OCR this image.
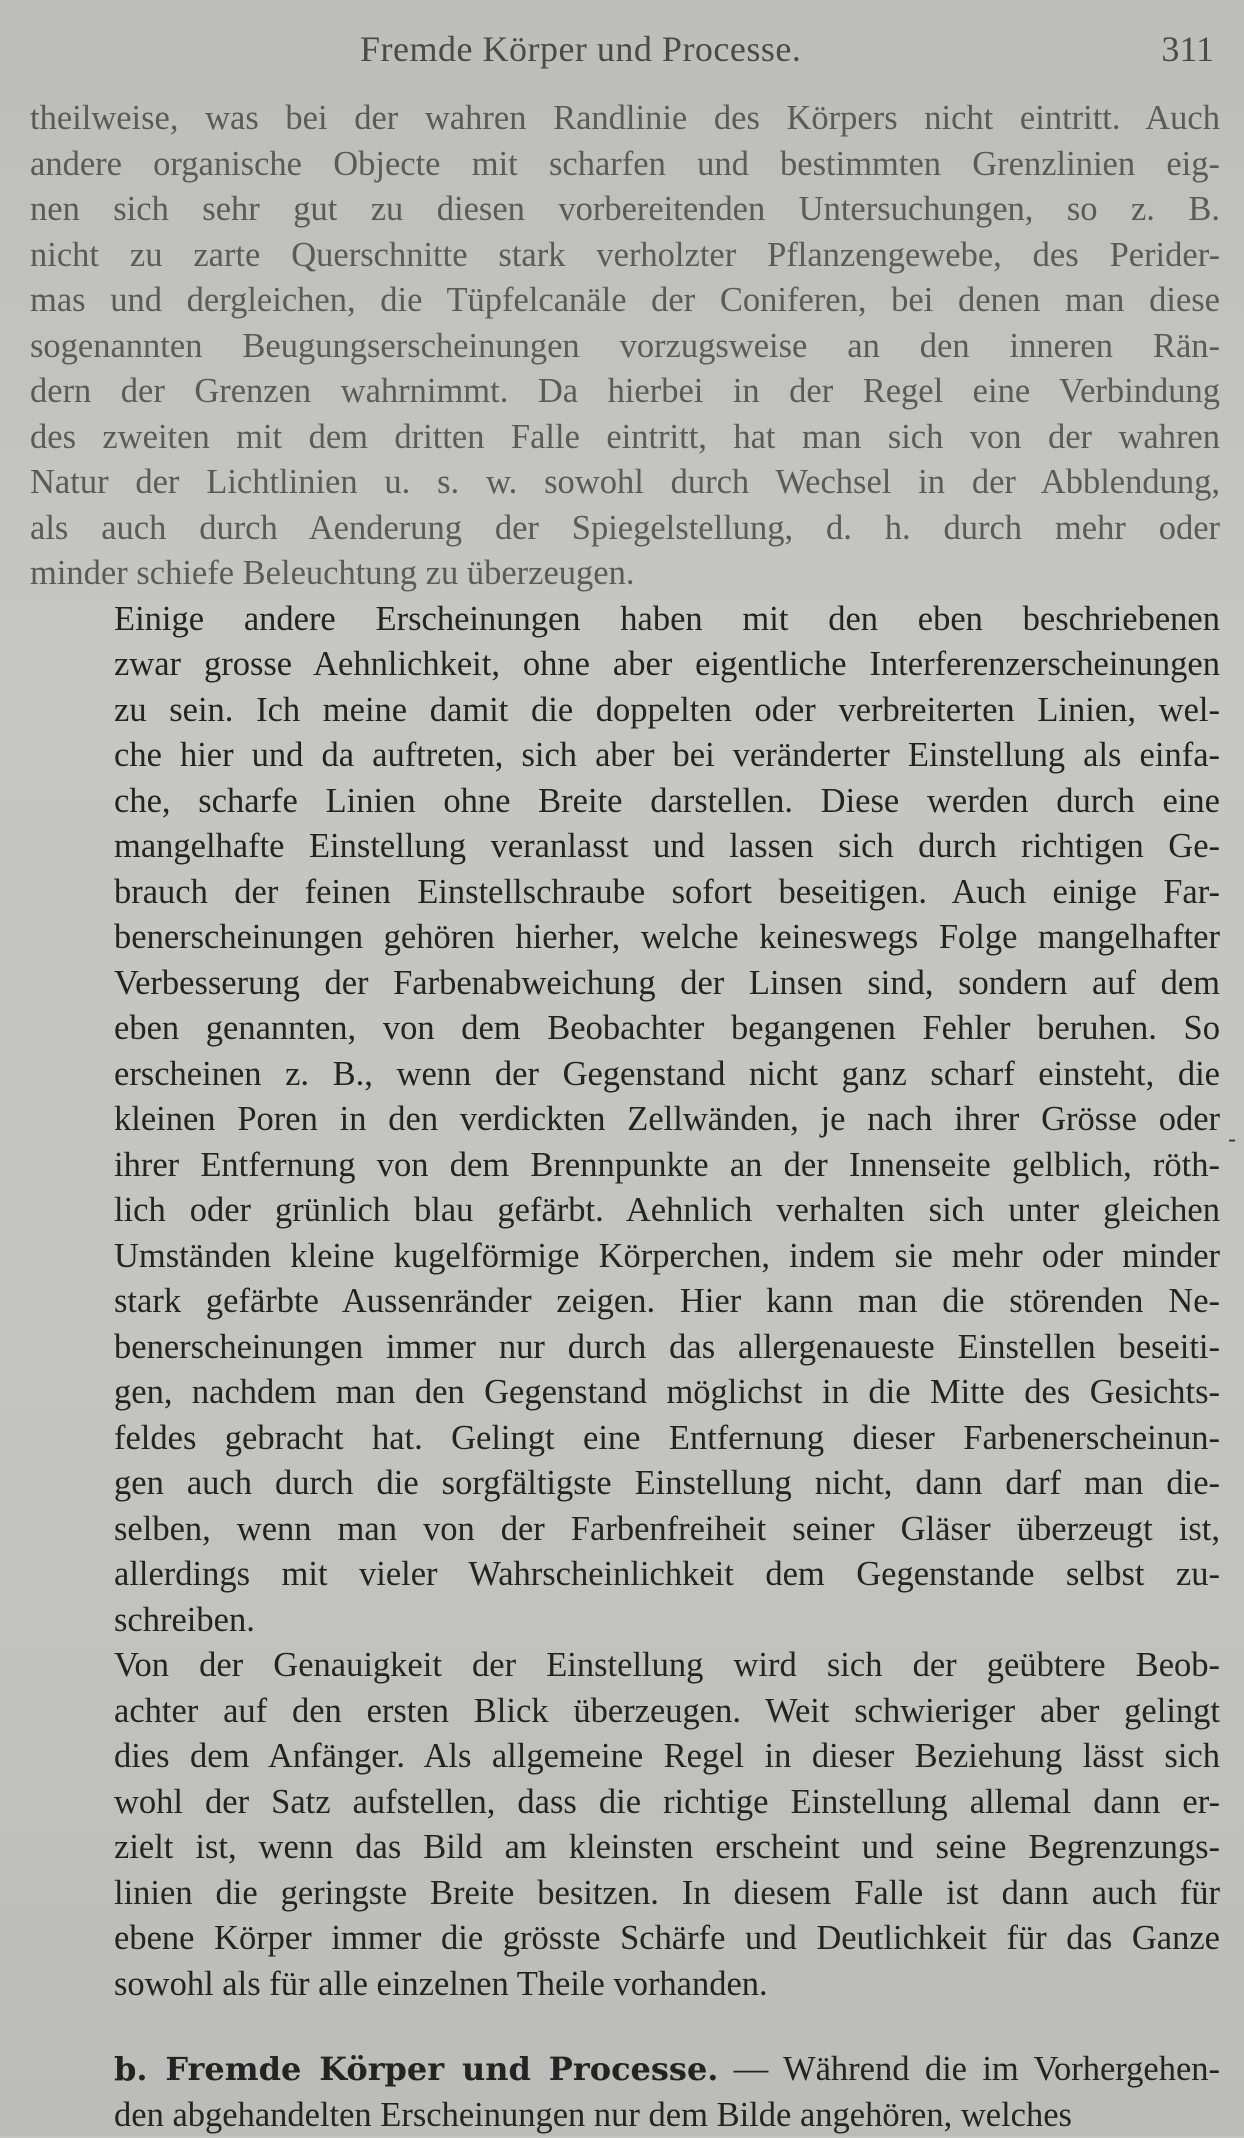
Fremde Körper und Processe.	311
theilweise, was bei der wahren Randlinie des Körpers nicht eintritt. Auch
andere organische Objecte mit scharfen und bestimmten Grenzlinien eig-
nen sich sehr gut zu diesen vorbereitenden Untersuchungen, so z. B.
nicht zu zarte Querschnitte stark verholzter Pflanzengewebe, des Perider-
mas und dergleichen, die Tüpfelcanäle der Coniferen, bei denen man diese
sogenannten Beugungserscheinungen vorzugsweise an den inneren Rän-
dern der Grenzen wahrnimmt. Da hierbei in der Regel eine Verbindung
des zweiten mit dem dritten Falle eintritt, hat man sich von der wahren
Natur der Lichtlinien u. s. w. sowohl durch Wechsel in der Abblendung,
als auch durch Aenderung der Spiegelstellung, d. h. durch mehr oder
minder schiefe Beleuchtung zu überzeugen.
Einige andere Erscheinungen haben mit den eben beschriebenen
zwar grosse Aehnlichkeit, ohne aber eigentliche Interferenzerscheinungen
zu sein. Ich meine damit die doppelten oder verbreiterten Linien, wel-
che hier und da auftreten, sich aber bei veränderter Einstellung als einfa-
che, scharfe Linien ohne Breite darstellen. Diese werden durch eine
mangelhafte Einstellung veranlasst und lassen sich durch richtigen Ge-
brauch der feinen Einstellschraube sofort beseitigen. Auch einige Far-
benerscheinungen gehören hierher, welche keineswegs Folge mangelhafter
Verbesserung der Farbenabweichung der Linsen sind, sondern auf dem
eben genannten, von dem Beobachter begangenen Fehler beruhen. So
erscheinen z. B., wenn der Gegenstand nicht ganz scharf einsteht, die
kleinen Poren in den verdickten Zellwänden, je nach ihrer Grösse oder
ihrer Entfernung von dem Brennpunkte an der Innenseite gelblich, röth-
lich oder grünlich blau gefärbt. Aehnlich verhalten sich unter gleichen
Umständen kleine kugelförmige Körperchen, indem sie mehr oder minder
stark gefärbte Aussenränder zeigen. Hier kann man die störenden Ne-
benerscheinungen immer nur durch das allergenaueste Einstellen beseiti-
gen, nachdem man den Gegenstand möglichst in die Mitte des Gesichts-
feldes gebracht hat. Gelingt eine Entfernung dieser Farbenerscheinun-
gen auch durch die sorgfältigste Einstellung nicht, dann darf man die-
selben, wenn man von der Farbenfreiheit seiner Gläser überzeugt ist,
allerdings mit vieler Wahrscheinlichkeit dem Gegenstande selbst zu-
schreiben.
Von der Genauigkeit der Einstellung wird sich der geübtere Beob-
achter auf den ersten Blick überzeugen. Weit schwieriger aber gelingt
dies dem Anfänger. Als allgemeine Regel in dieser Beziehung lässt sich
wohl der Satz aufstellen, dass die richtige Einstellung allemal dann er-
zielt ist, wenn das Bild am kleinsten erscheint und seine Begrenzungs-
linien die geringste Breite besitzen. In diesem Falle ist dann auch für
ebene Körper immer die grösste Schärfe und Deutlichkeit für das Ganze
sowohl als für alle einzelnen Theile vorhanden.
b. Fremde Körper und Processe. — Während die im Vorhergehen-
den abgehandelten Erscheinungen nur dem Bilde angehören, welches
-
